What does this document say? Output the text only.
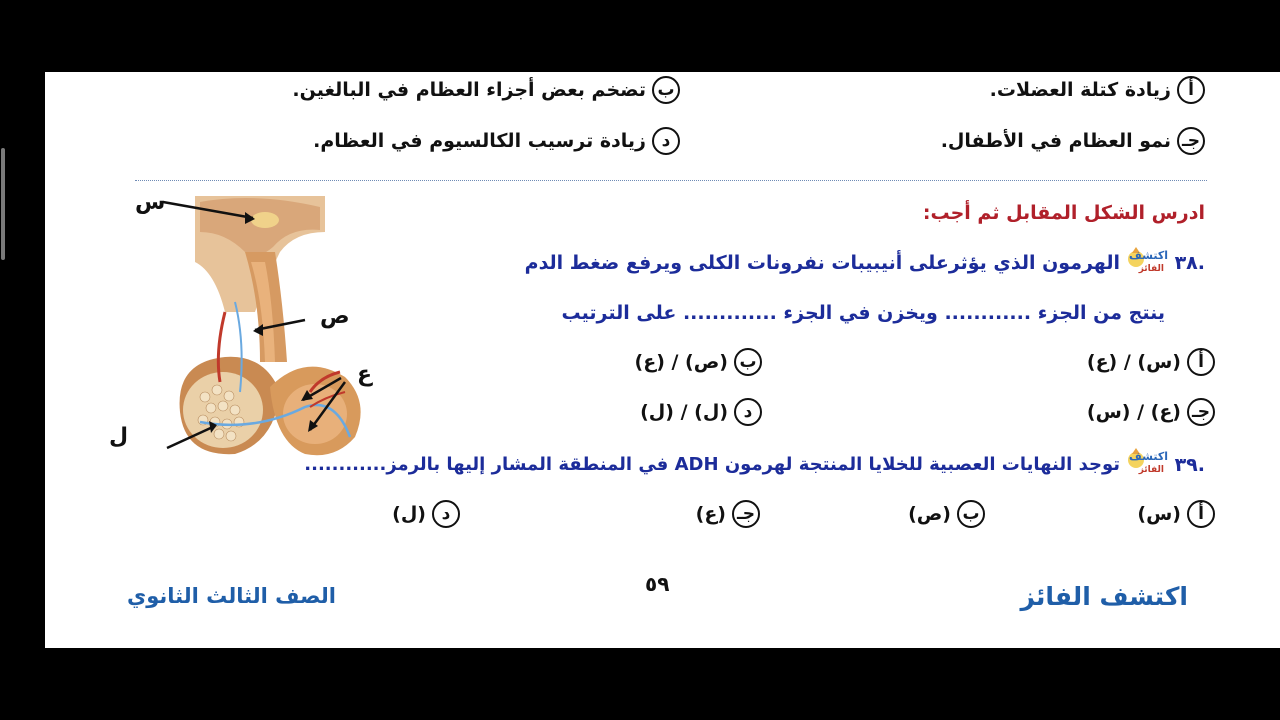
أ
زيادة كتلة العضلات.
ب
تضخم بعض أجزاء العظام في البالغين.
جـ
نمو العظام في الأطفال.
د
زيادة ترسيب الكالسيوم في العظام.
ادرس الشكل المقابل ثم أجب:
٣٨.
اكتشف
الفائز
الهرمون الذي يؤثرعلى أنيبيبات نفرونات الكلى ويرفع ضغط الدم
ينتج من الجزء ............ ويخزن في الجزء ............. على الترتيب
أ
(س) / (ع)
ب
(ص) / (ع)
جـ
(ع) / (س)
د
(ل) / (ل)
٣٩.
اكتشف
الفائز
توجد النهايات العصبية للخلايا المنتجة لهرمون ADH في المنطقة المشار إليها بالرمز............
أ
(س)
ب
(ص)
جـ
(ع)
د
(ل)
س
ص
ع
ل
٥٩
الصف الثالث الثانوي	اكتشف الفائز
